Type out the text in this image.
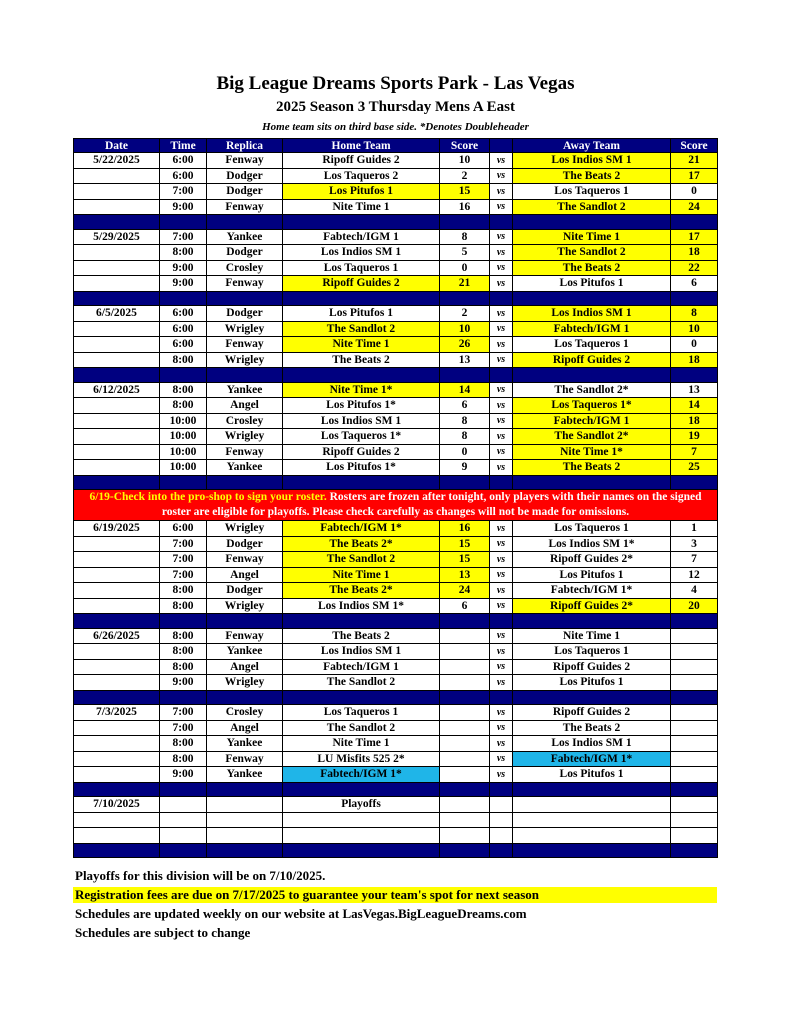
Big League Dreams Sports Park - Las Vegas
2025 Season 3 Thursday Mens A East
Home team sits on third base side. *Denotes Doubleheader
Date	Time	Replica	Home Team	Score		Away Team	Score
5/22/2025	6:00	Fenway	Ripoff Guides 2	10	vs	Los Indios SM 1	21
	6:00	Dodger	Los Taqueros 2	2	vs	The Beats 2	17
	7:00	Dodger	Los Pitufos 1	15	vs	Los Taqueros 1	0
	9:00	Fenway	Nite Time 1	16	vs	The Sandlot 2	24

5/29/2025	7:00	Yankee	Fabtech/IGM 1	8	vs	Nite Time 1	17
	8:00	Dodger	Los Indios SM 1	5	vs	The Sandlot 2	18
	9:00	Crosley	Los Taqueros 1	0	vs	The Beats 2	22
	9:00	Fenway	Ripoff Guides 2	21	vs	Los Pitufos 1	6

6/5/2025	6:00	Dodger	Los Pitufos 1	2	vs	Los Indios SM 1	8
	6:00	Wrigley	The Sandlot 2	10	vs	Fabtech/IGM 1	10
	6:00	Fenway	Nite Time 1	26	vs	Los Taqueros 1	0
	8:00	Wrigley	The Beats 2	13	vs	Ripoff Guides 2	18

6/12/2025	8:00	Yankee	Nite Time 1*	14	vs	The Sandlot 2*	13
	8:00	Angel	Los Pitufos 1*	6	vs	Los Taqueros 1*	14
	10:00	Crosley	Los Indios SM 1	8	vs	Fabtech/IGM 1	18
	10:00	Wrigley	Los Taqueros 1*	8	vs	The Sandlot 2*	19
	10:00	Fenway	Ripoff Guides 2	0	vs	Nite Time 1*	7
	10:00	Yankee	Los Pitufos 1*	9	vs	The Beats 2	25

6/19-Check into the pro-shop to sign your roster. Rosters are frozen after tonight, only players with their names on the signed roster are eligible for playoffs. Please check carefully as changes will not be made for omissions.							
6/19/2025	6:00	Wrigley	Fabtech/IGM 1*	16	vs	Los Taqueros 1	1
	7:00	Dodger	The Beats 2*	15	vs	Los Indios SM 1*	3
	7:00	Fenway	The Sandlot 2	15	vs	Ripoff Guides 2*	7
	7:00	Angel	Nite Time 1	13	vs	Los Pitufos 1	12
	8:00	Dodger	The Beats 2*	24	vs	Fabtech/IGM 1*	4
	8:00	Wrigley	Los Indios SM 1*	6	vs	Ripoff Guides 2*	20

6/26/2025	8:00	Fenway	The Beats 2		vs	Nite Time 1	
	8:00	Yankee	Los Indios SM 1		vs	Los Taqueros 1	
	8:00	Angel	Fabtech/IGM 1		vs	Ripoff Guides 2	
	9:00	Wrigley	The Sandlot 2		vs	Los Pitufos 1	

7/3/2025	7:00	Crosley	Los Taqueros 1		vs	Ripoff Guides 2	
	7:00	Angel	The Sandlot 2		vs	The Beats 2	
	8:00	Yankee	Nite Time 1		vs	Los Indios SM 1	
	8:00	Fenway	LU Misfits 525 2*		vs	Fabtech/IGM 1*	
	9:00	Yankee	Fabtech/IGM 1*		vs	Los Pitufos 1	

7/10/2025			Playoffs				

Playoffs for this division will be on 7/10/2025.
Registration fees are due on 7/17/2025 to guarantee your team's spot for next season
Schedules are updated weekly on our website at LasVegas.BigLeagueDreams.com
Schedules are subject to change
